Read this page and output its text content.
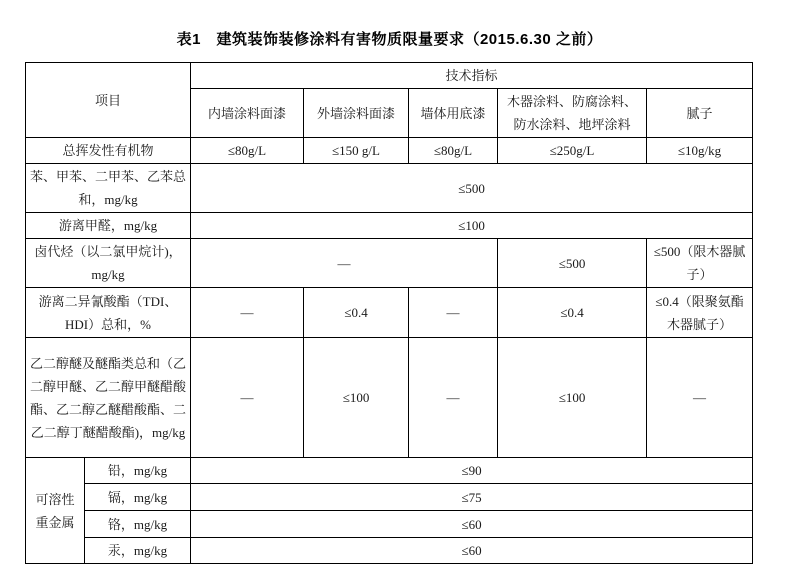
表1　建筑装饰装修涂料有害物质限量要求（2015.6.30 之前）
项目		技术指标				
		内墙涂料面漆	外墙涂料面漆	墙体用底漆	木器涂料、防腐涂料、防水涂料、地坪涂料	腻子
总挥发性有机物		≤80g/L	≤150 g/L	≤80g/L	≤250g/L	≤10g/kg
苯、甲苯、二甲苯、乙苯总和，mg/kg		≤500				
游离甲醛，mg/kg		≤100				
卤代烃（以二氯甲烷计)，mg/kg		—			≤500	≤500（限木器腻子）
游离二异氰酸酯（TDI、HDI）总和，%		—	≤0.4	—	≤0.4	≤0.4（限聚氨酯木器腻子）
乙二醇醚及醚酯类总和（乙二醇甲醚、乙二醇甲醚醋酸酯、乙二醇乙醚醋酸酯、二乙二醇丁醚醋酸酯)，mg/kg		—	≤100	—	≤100	—
可溶性重金属	铅，mg/kg	≤90				
	镉，mg/kg	≤75				
	铬，mg/kg	≤60				
	汞，mg/kg	≤60				
